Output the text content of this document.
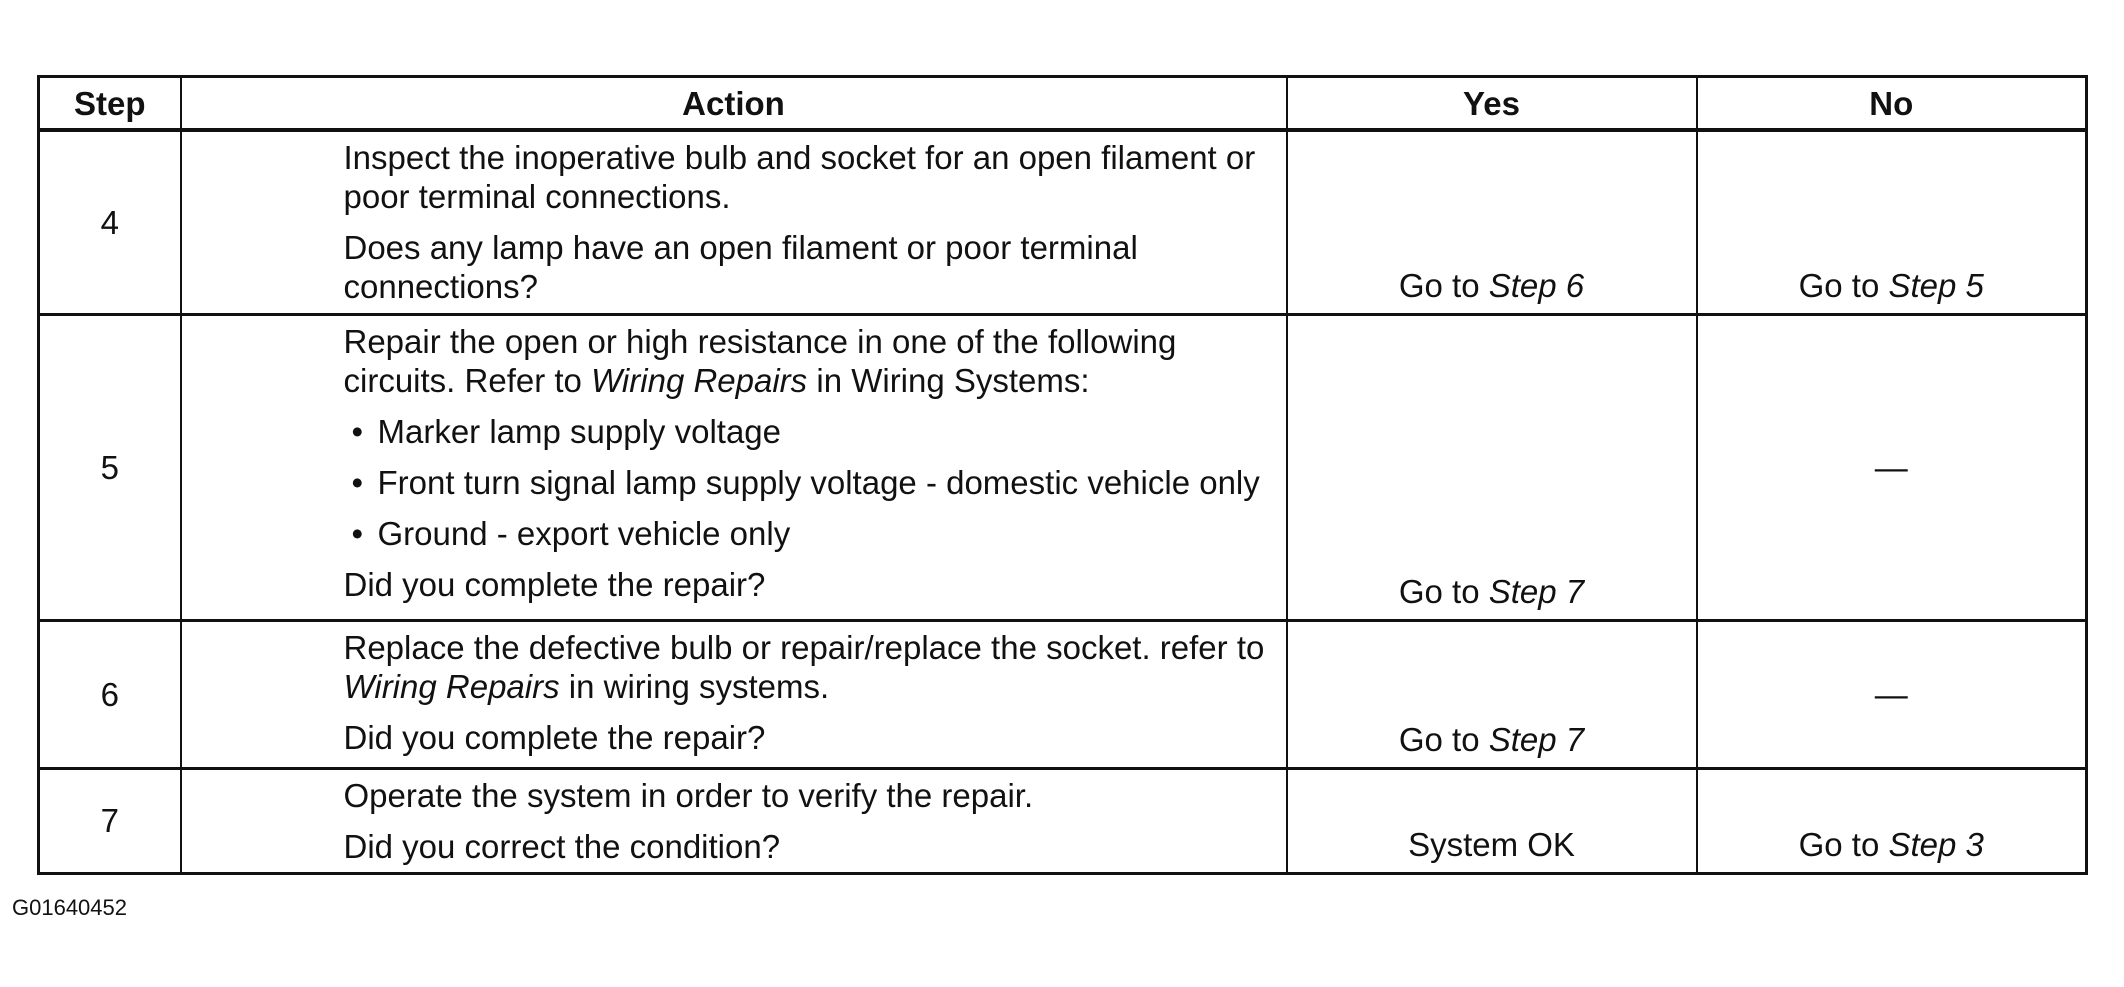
Step	Action	Yes	No
4	Inspect the inoperative bulb and socket for an open filament or poor terminal connections.

Does any lamp have an open filament or poor terminal connections?	Go to Step 6	Go to Step 5
5	Repair the open or high resistance in one of the following circuits. Refer to Wiring Repairs in Wiring Systems:

• Marker lamp supply voltage

• Front turn signal lamp supply voltage - domestic vehicle only

• Ground - export vehicle only

Did you complete the repair?	Go to Step 7	—
6	Replace the defective bulb or repair/replace the socket. refer to Wiring Repairs in wiring systems.

Did you complete the repair?	Go to Step 7	—
7	Operate the system in order to verify the repair.

Did you correct the condition?	System OK	Go to Step 3
G01640452
